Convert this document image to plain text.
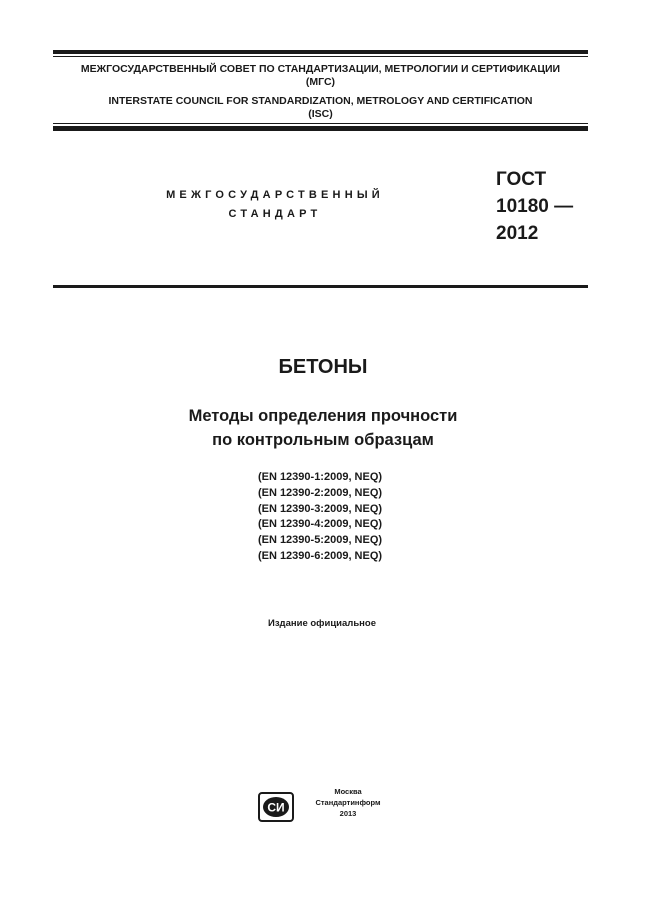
МЕЖГОСУДАРСТВЕННЫЙ СОВЕТ ПО СТАНДАРТИЗАЦИИ, МЕТРОЛОГИИ И СЕРТИФИКАЦИИ
(МГС)
INTERSTATE COUNCIL FOR STANDARDIZATION, METROLOGY AND CERTIFICATION
(ISC)
МЕЖГОСУДАРСТВЕННЫЙ
СТАНДАРТ
ГОСТ
10180 —
2012
БЕТОНЫ
Методы определения прочности
по контрольным образцам
(EN 12390-1:2009, NEQ)
(EN 12390-2:2009, NEQ)
(EN 12390-3:2009, NEQ)
(EN 12390-4:2009, NEQ)
(EN 12390-5:2009, NEQ)
(EN 12390-6:2009, NEQ)
Издание официальное
СИ
Москва
Стандартинформ
2013
